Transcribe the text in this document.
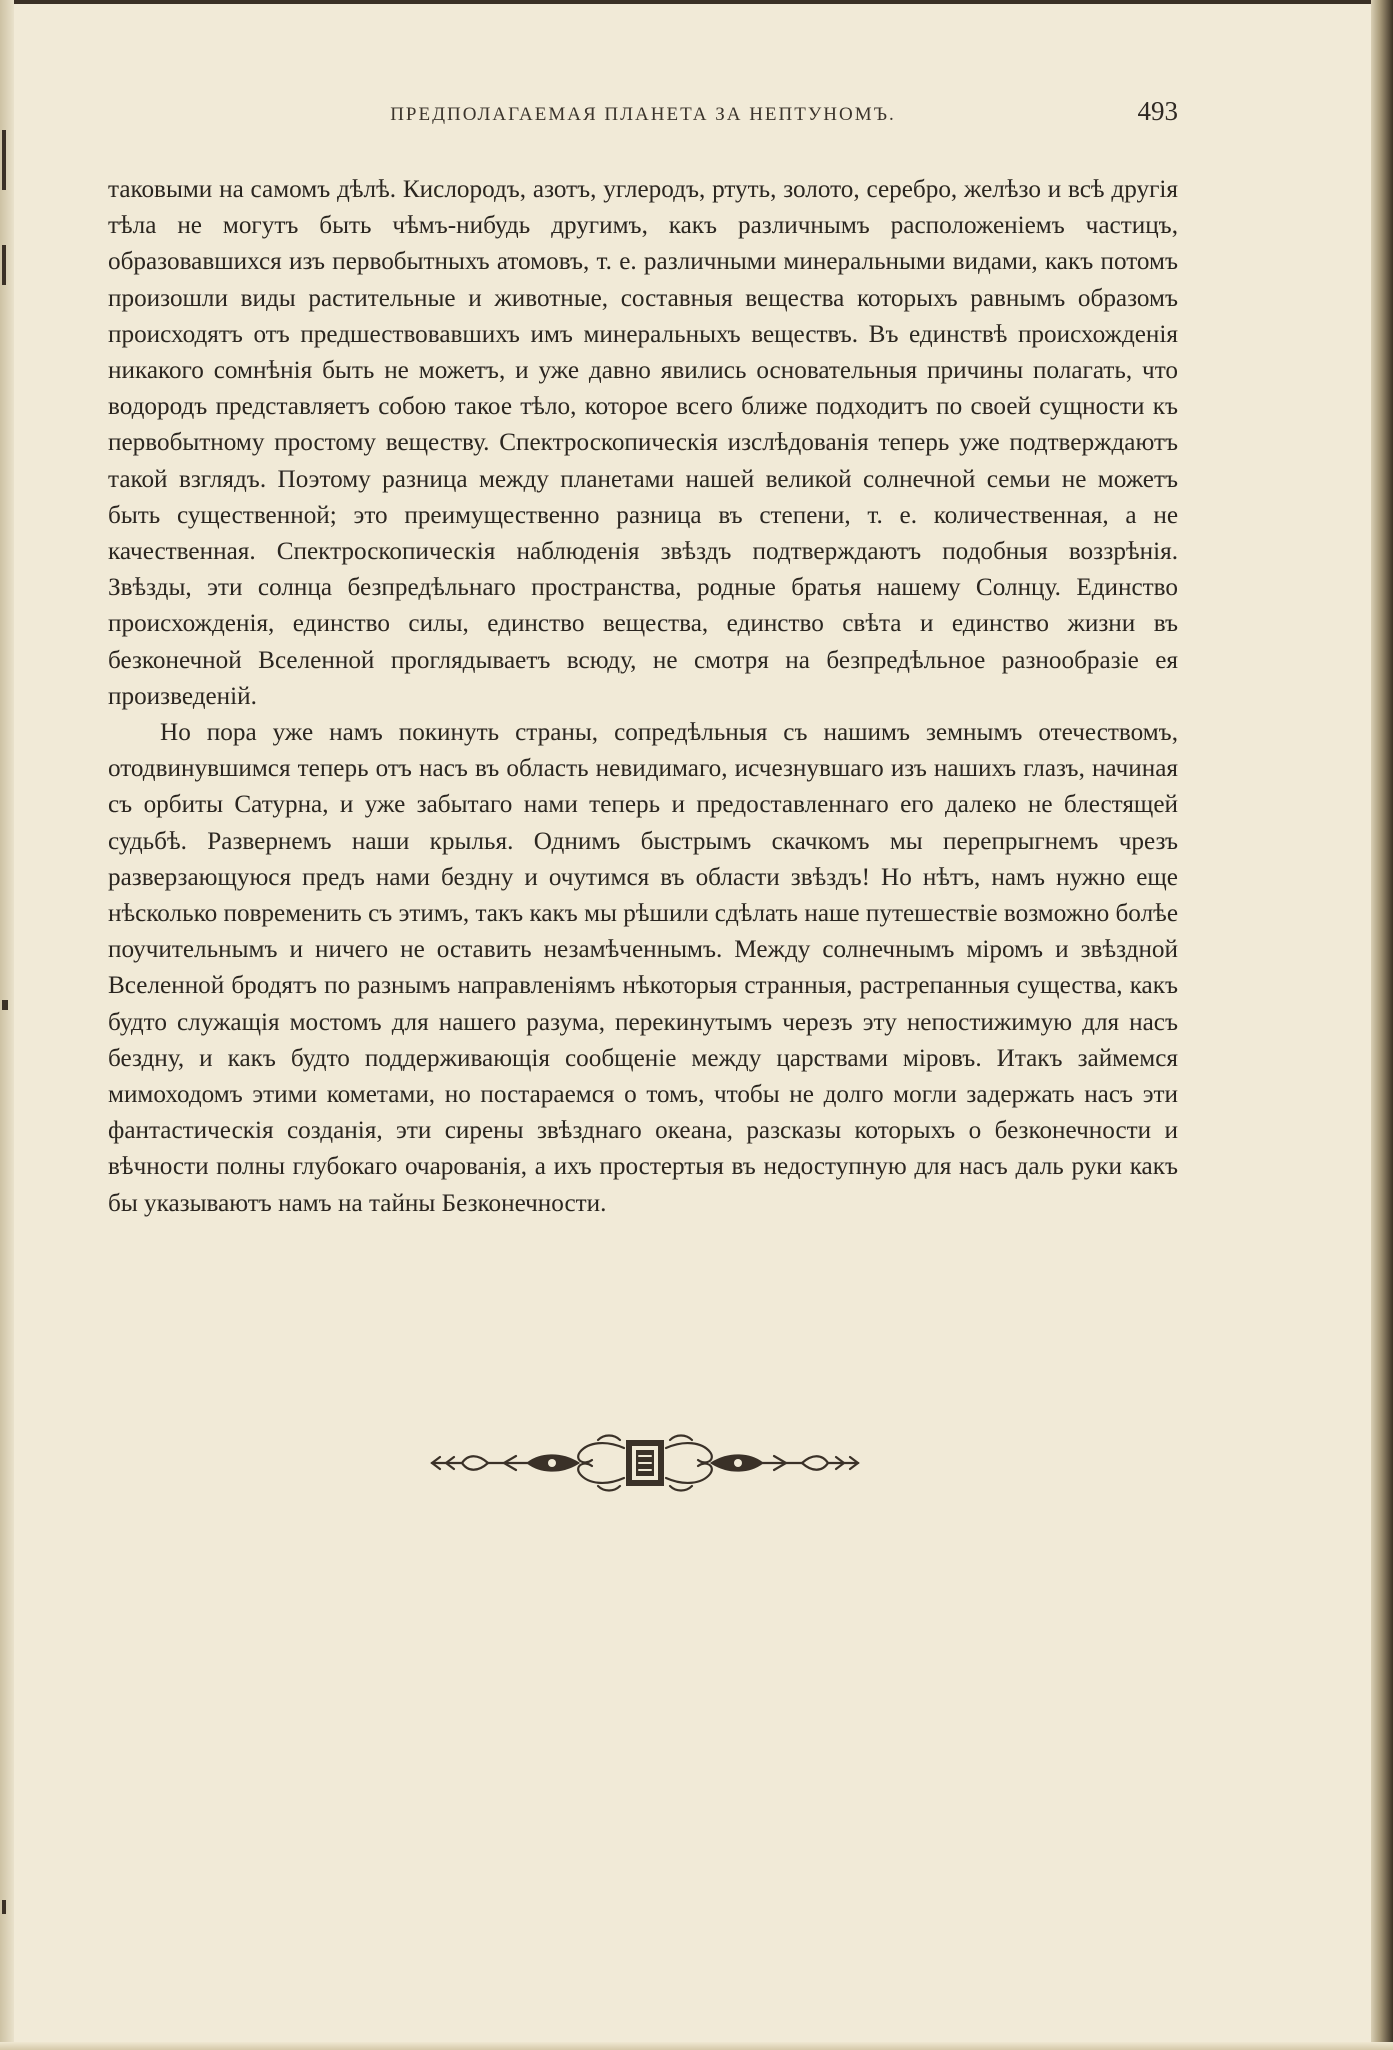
ПРЕДПОЛАГАЕМАЯ ПЛАНЕТА ЗА НЕПТУНОМЪ.	493

таковыми на самомъ дѣлѣ. Кислородъ, азотъ, углеродъ, ртуть, золото, серебро, желѣзо и всѣ другія тѣла не могутъ быть чѣмъ-нибудь другимъ, какъ различнымъ расположеніемъ частицъ, образовавшихся изъ первобытныхъ атомовъ, т. е. различными минеральными видами, какъ потомъ произошли виды растительные и животные, составныя вещества которыхъ равнымъ образомъ происходятъ отъ предшествовавшихъ имъ минеральныхъ веществъ. Въ единствѣ происхожденія никакого сомнѣнія быть не можетъ, и уже давно явились основательныя причины полагать, что водородъ представляетъ собою такое тѣло, которое всего ближе подходитъ по своей сущности къ первобытному простому веществу. Спектроскопическія изслѣдованія теперь уже подтверждаютъ такой взглядъ. Поэтому разница между планетами нашей великой солнечной семьи не можетъ быть существенной; это преимущественно разница въ степени, т. е. количественная, а не качественная. Спектроскопическія наблюденія звѣздъ подтверждаютъ подобныя воззрѣнія. Звѣзды, эти солнца безпредѣльнаго пространства, родные братья нашему Солнцу. Единство происхожденія, единство силы, единство вещества, единство свѣта и единство жизни въ безконечной Вселенной проглядываетъ всюду, не смотря на безпредѣльное разнообразіе ея произведеній.

Но пора уже намъ покинуть страны, сопредѣльныя съ нашимъ земнымъ отечествомъ, отодвинувшимся теперь отъ насъ въ область невидимаго, исчезнувшаго изъ нашихъ глазъ, начиная съ орбиты Сатурна, и уже забытаго нами теперь и предоставленнаго его далеко не блестящей судьбѣ. Развернемъ наши крылья. Однимъ быстрымъ скачкомъ мы перепрыгнемъ чрезъ разверзающуюся предъ нами бездну и очутимся въ области звѣздъ! Но нѣтъ, намъ нужно еще нѣсколько повременить съ этимъ, такъ какъ мы рѣшили сдѣлать наше путешествіе возможно болѣе поучительнымъ и ничего не оставить незамѣченнымъ. Между солнечнымъ міромъ и звѣздной Вселенной бродятъ по разнымъ направленіямъ нѣкоторыя странныя, растрепанныя существа, какъ будто служащія мостомъ для нашего разума, перекинутымъ черезъ эту непостижимую для насъ бездну, и какъ будто поддерживающія сообщеніе между царствами міровъ. Итакъ займемся мимоходомъ этими кометами, но постараемся о томъ, чтобы не долго могли задержать насъ эти фантастическія созданія, эти сирены звѣзднаго океана, разсказы которыхъ о безконечности и вѣчности полны глубокаго очарованія, а ихъ простертыя въ недоступную для насъ даль руки какъ бы указываютъ намъ на тайны Безконечности.
